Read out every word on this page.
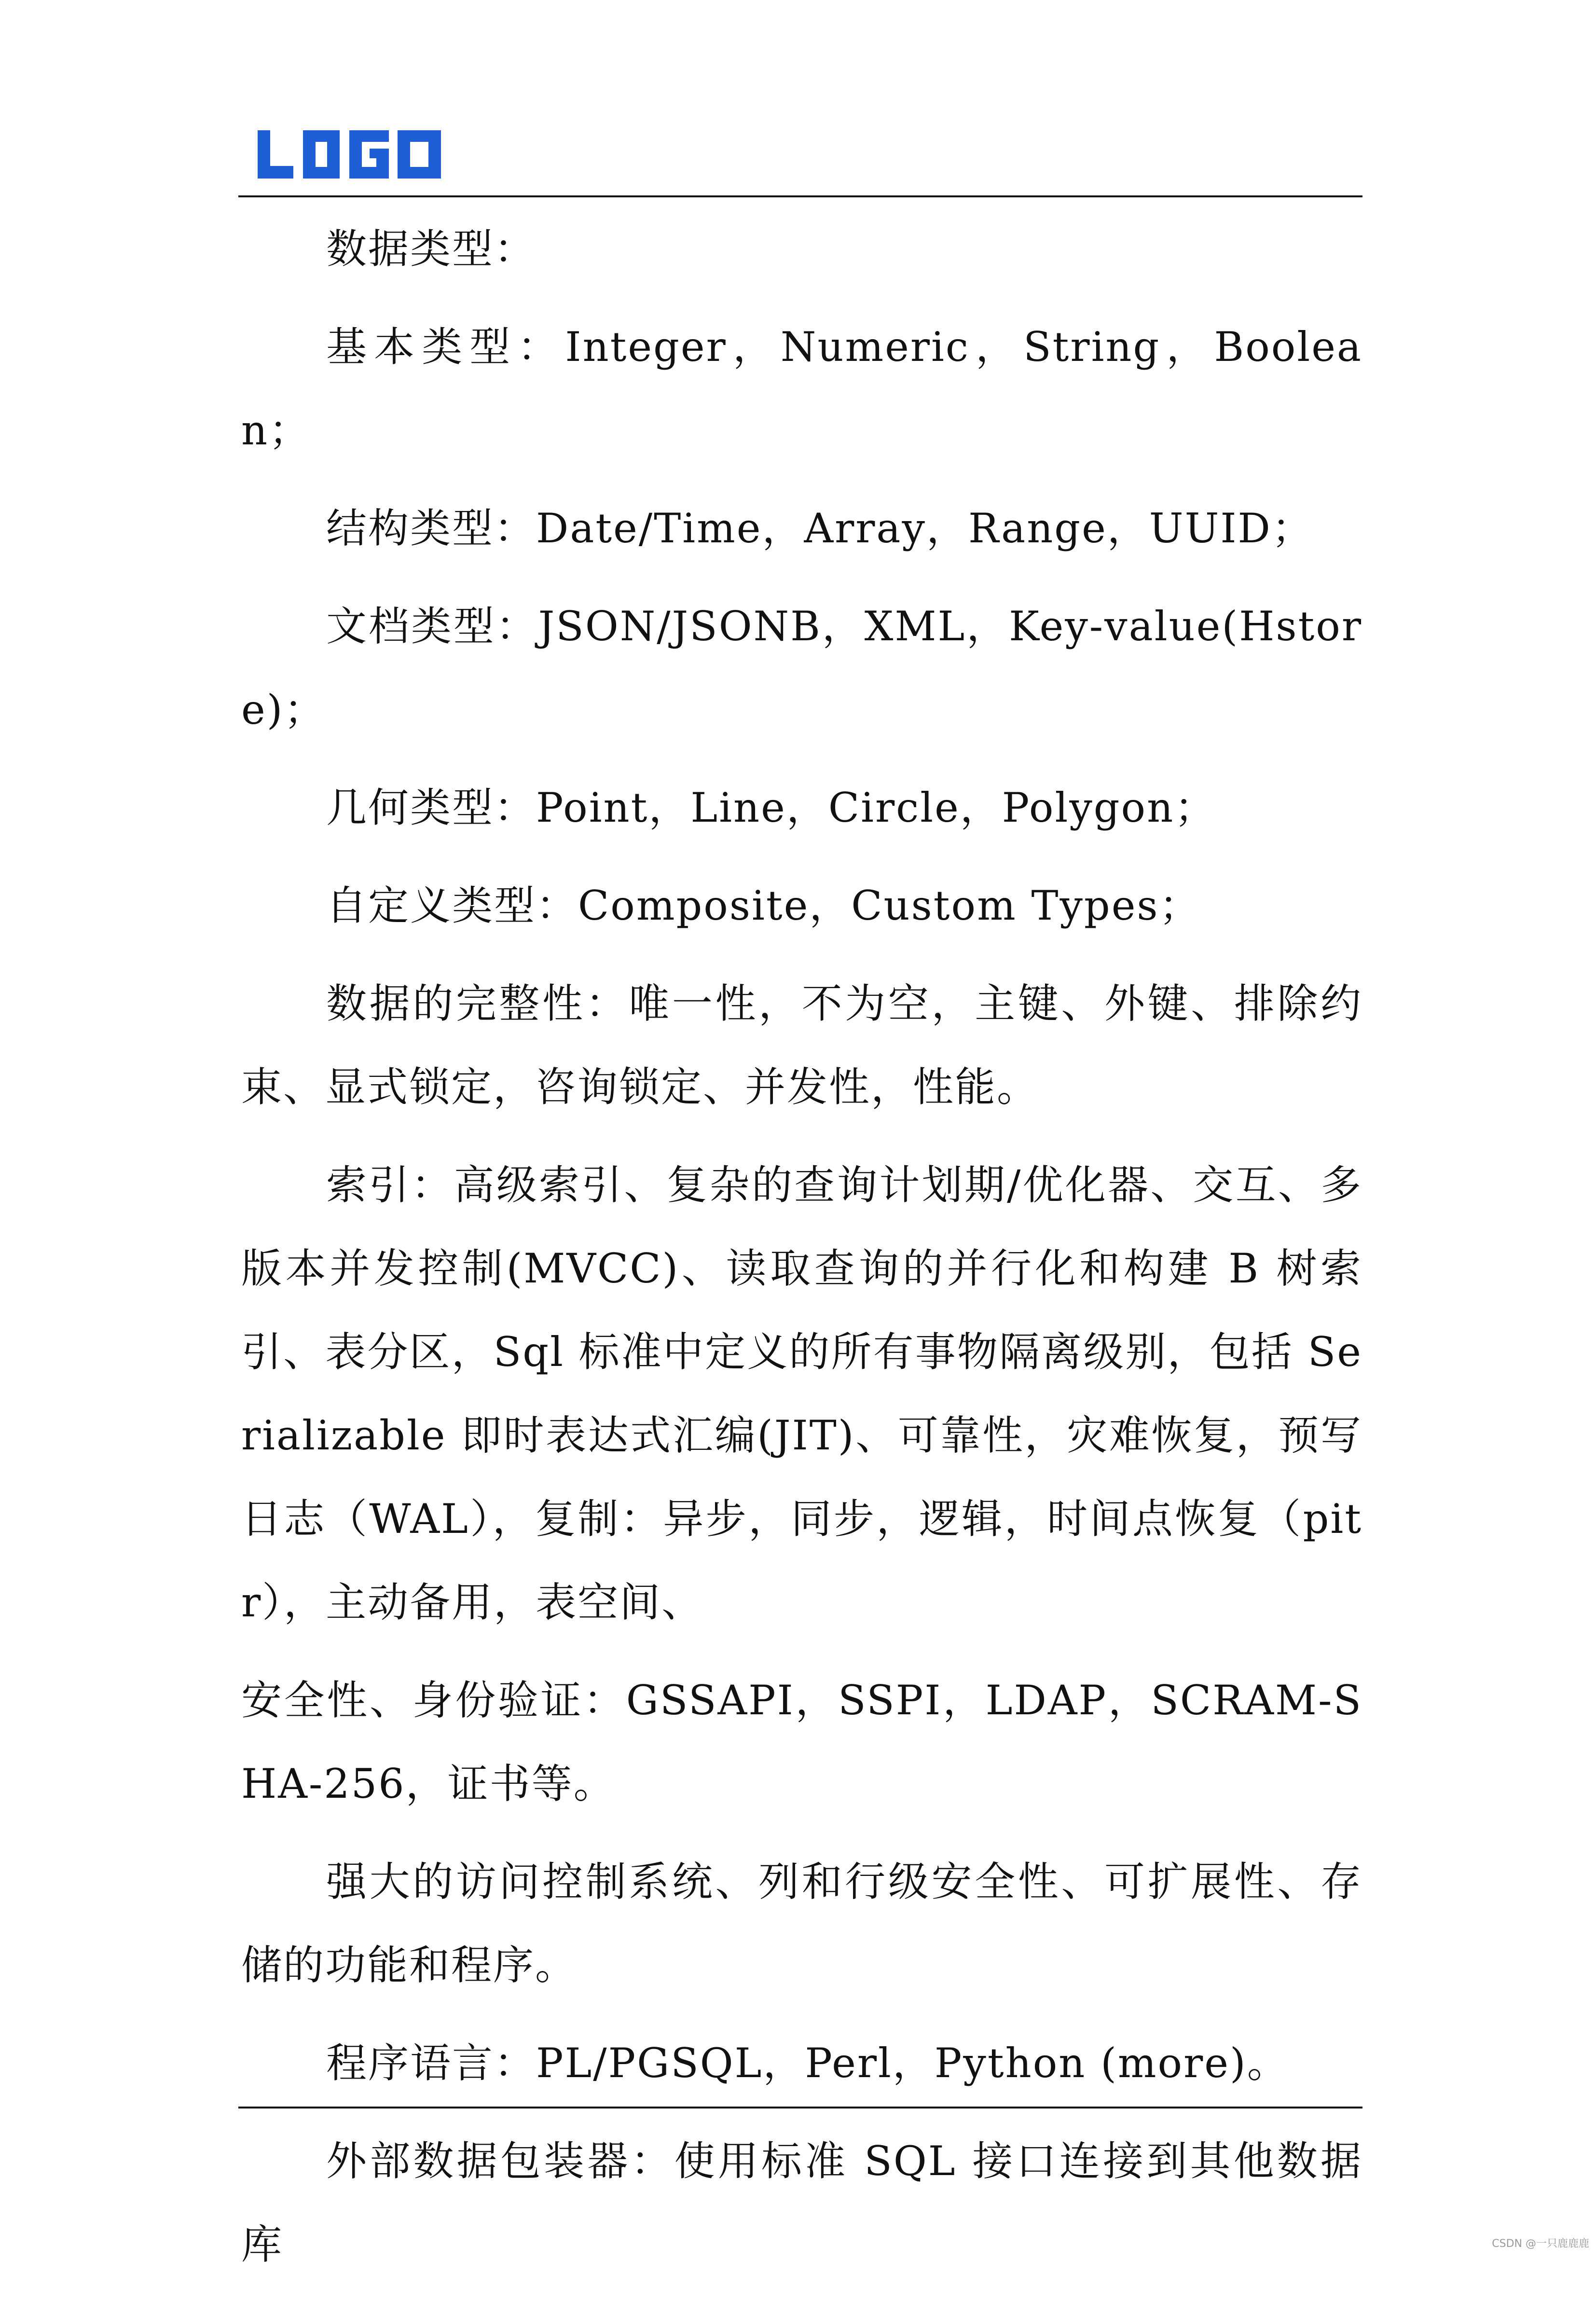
数据类型：

基本类型：Integer，Numeric，String，Boolean；

结构类型：Date/Time，Array，Range，UUID；

文档类型：JSON/JSONB，XML，Key-value(Hstore)；

几何类型：Point，Line，Circle，Polygon；

自定义类型：Composite，Custom Types；

数据的完整性：唯一性，不为空，主键、外键、排除约束、显式锁定，咨询锁定、并发性，性能。

索引：高级索引、复杂的查询计划期/优化器、交互、多版本并发控制(MVCC)、读取查询的并行化和构建 B 树索引、表分区，Sql 标准中定义的所有事物隔离级别，包括 Serializable 即时表达式汇编(JIT)、可靠性，灾难恢复，预写日志（WAL），复制：异步，同步，逻辑，时间点恢复（pitr），主动备用，表空间、

安全性、身份验证：GSSAPI，SSPI，LDAP，SCRAM-SHA-256，证书等。

强大的访问控制系统、列和行级安全性、可扩展性、存储的功能和程序。

程序语言：PL/PGSQL，Perl，Python (more)。

外部数据包装器：使用标准 SQL 接口连接到其他数据库	CSDN @一只鹿鹿鹿
